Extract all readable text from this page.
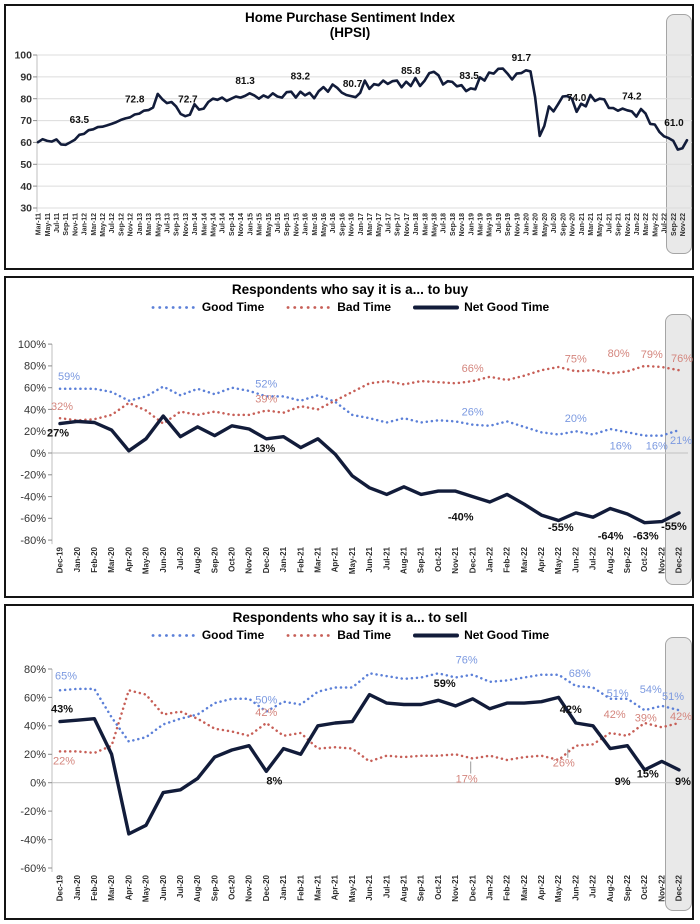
100
90
80
70
60
50
40
30
Mar-11 May-11 Jul-11 Sep-11 Nov-11 Jan-12 Mar-12 May-12 Jul-12 Sep-12 Nov-12 Jan-13 Mar-13 May-13 Jul-13 Sep-13 Nov-13 Jan-14 Mar-14 May-14 Jul-14 Sep-14 Nov-14 Jan-15 Mar-15 May-15 Jul-15 Sep-15 Nov-15 Jan-16 Mar-16 May-16 Jul-16 Sep-16 Nov-16 Jan-17 Mar-17 May-17 Jul-17 Sep-17 Nov-17 Jan-18 Mar-18 May-18 Jul-18 Sep-18 Nov-18 Jan-19 Mar-19 May-19 Jul-19 Sep-19 Nov-19 Jan-20 Mar-20 May-20 Jul-20 Sep-20 Nov-20 Jan-21 Mar-21 May-21 Jul-21 Sep-21 Nov-21 Jan-22 Mar-22 May-22 Jul-22 Sep-22 Nov-22
63.5
72.8	72.7
81.3	83.2
80.7
85.8	83.5
91.7
74.0	74.2
61.0
100%
80%
60%
40%
20%
0%
-20%
-40%
-60%
-80%
Dec-19 Jan-20 Feb-20 Mar-20 Apr-20 May-20 Jun-20 Jul-20 Aug-20 Sep-20 Oct-20 Nov-20 Dec-20 Jan-21 Feb-21 Mar-21 Apr-21 May-21 Jun-21 Jul-21 Aug-21 Sep-21 Oct-21 Nov-21 Dec-21 Jan-22 Feb-22 Mar-22 Apr-22 May-22 Jun-22 Jul-22 Aug-22 Sep-22 Oct-22 Nov-22 Dec-22
59%
52%
26%
20%
16% 16% 21%
32%
39%
66%
75% 80% 79% 76%
27%
13%
-40%
-55%
-64% -63%
-55%
80%
60%
40%
20%
0%
-20%
-40%
-60%
Dec-19 Jan-20 Feb-20 Mar-20 Apr-20 May-20 Jun-20 Jul-20 Aug-20 Sep-20 Oct-20 Nov-20 Dec-20 Jan-21 Feb-21 Mar-21 Apr-21 May-21 Jun-21 Jul-21 Aug-21 Sep-21 Oct-21 Nov-21 Dec-21 Jan-22 Feb-22 Mar-22 Apr-22 May-22 Jun-22 Jul-22 Aug-22 Sep-22 Oct-22 Nov-22 Dec-22
65%
50%
76%
68%
51% 54%
51%
22%
42%
17%
26%
42% 39% 42%
43%
8%
59%
42%
9%
15%
9%
Home Purchase Sentiment Index
(HPSI)
Respondents who say it is a... to buy
Respondents who say it is a... to sell
Good Time	Bad Time	Net Good Time
Good Time	Bad Time	Net Good Time
